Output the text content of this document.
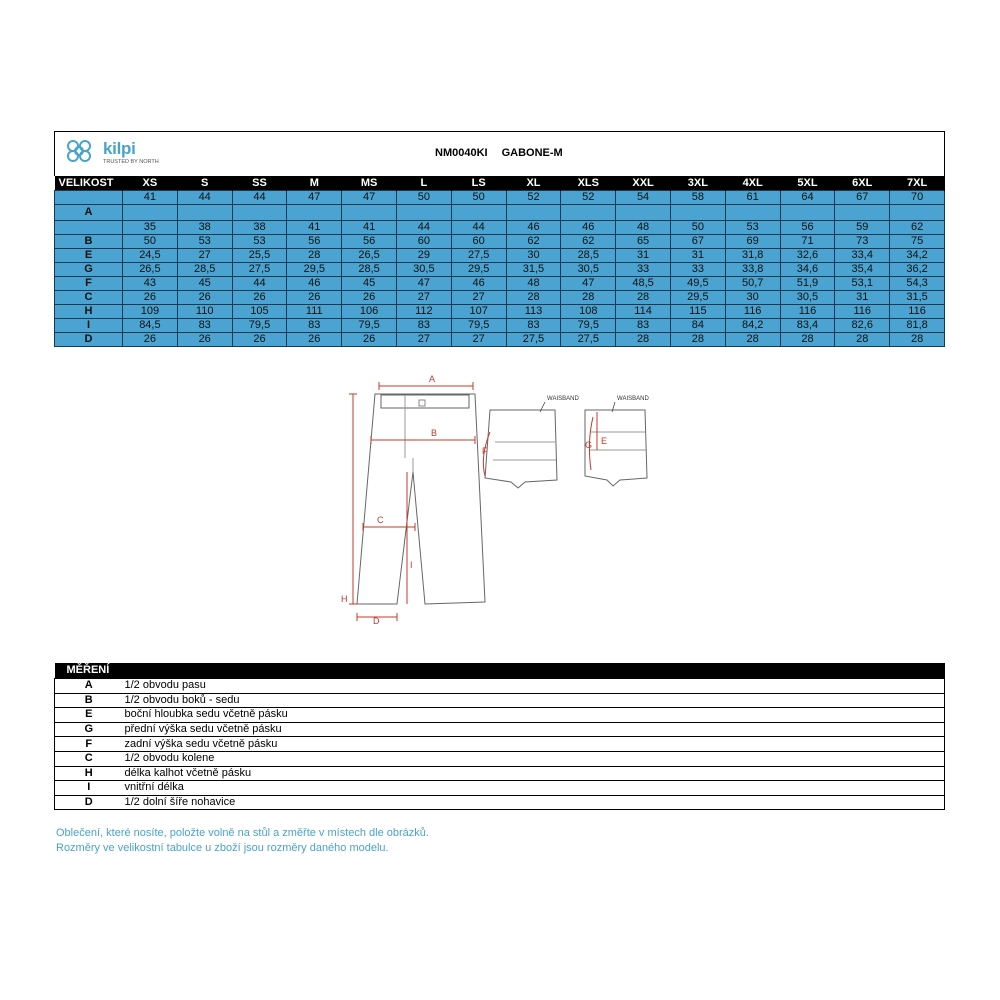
kilpi
TRUSTED BY NORTH
NM0040KI GABONE-M
VELIKOST	XS	S	SS	M	MS	L	LS	XL	XLS	XXL	3XL	4XL	5XL	6XL	7XL
	41	44	44	47	47	50	50	52	52	54	58	61	64	67	70
A															
	35	38	38	41	41	44	44	46	46	48	50	53	56	59	62
B	50	53	53	56	56	60	60	62	62	65	67	69	71	73	75
E	24,5	27	25,5	28	26,5	29	27,5	30	28,5	31	31	31,8	32,6	33,4	34,2
G	26,5	28,5	27,5	29,5	28,5	30,5	29,5	31,5	30,5	33	33	33,8	34,6	35,4	36,2
F	43	45	44	46	45	47	46	48	47	48,5	49,5	50,7	51,9	53,1	54,3
C	26	26	26	26	26	27	27	28	28	28	29,5	30	30,5	31	31,5
H	109	110	105	111	106	112	107	113	108	114	115	116	116	116	116
I	84,5	83	79,5	83	79,5	83	79,5	83	79,5	83	84	84,2	83,4	82,6	81,8
D	26	26	26	26	26	27	27	27,5	27,5	28	28	28	28	28	28
A
B
C
D
H
I
F
E
G
WAISBAND	WAISBAND
MĚŘENÍ	
A	1/2 obvodu pasu
B	1/2 obvodu boků - sedu
E	boční hloubka sedu včetně pásku
G	přední výška sedu včetně pásku
F	zadní výška sedu včetně pásku
C	1/2 obvodu kolene
H	délka kalhot včetně pásku
I	vnitřní délka
D	1/2 dolní šíře nohavice
Oblečení, které nosíte, položte volně na stůl a změřte v místech dle obrázků.
Rozměry ve velikostní tabulce u zboží jsou rozměry daného modelu.
